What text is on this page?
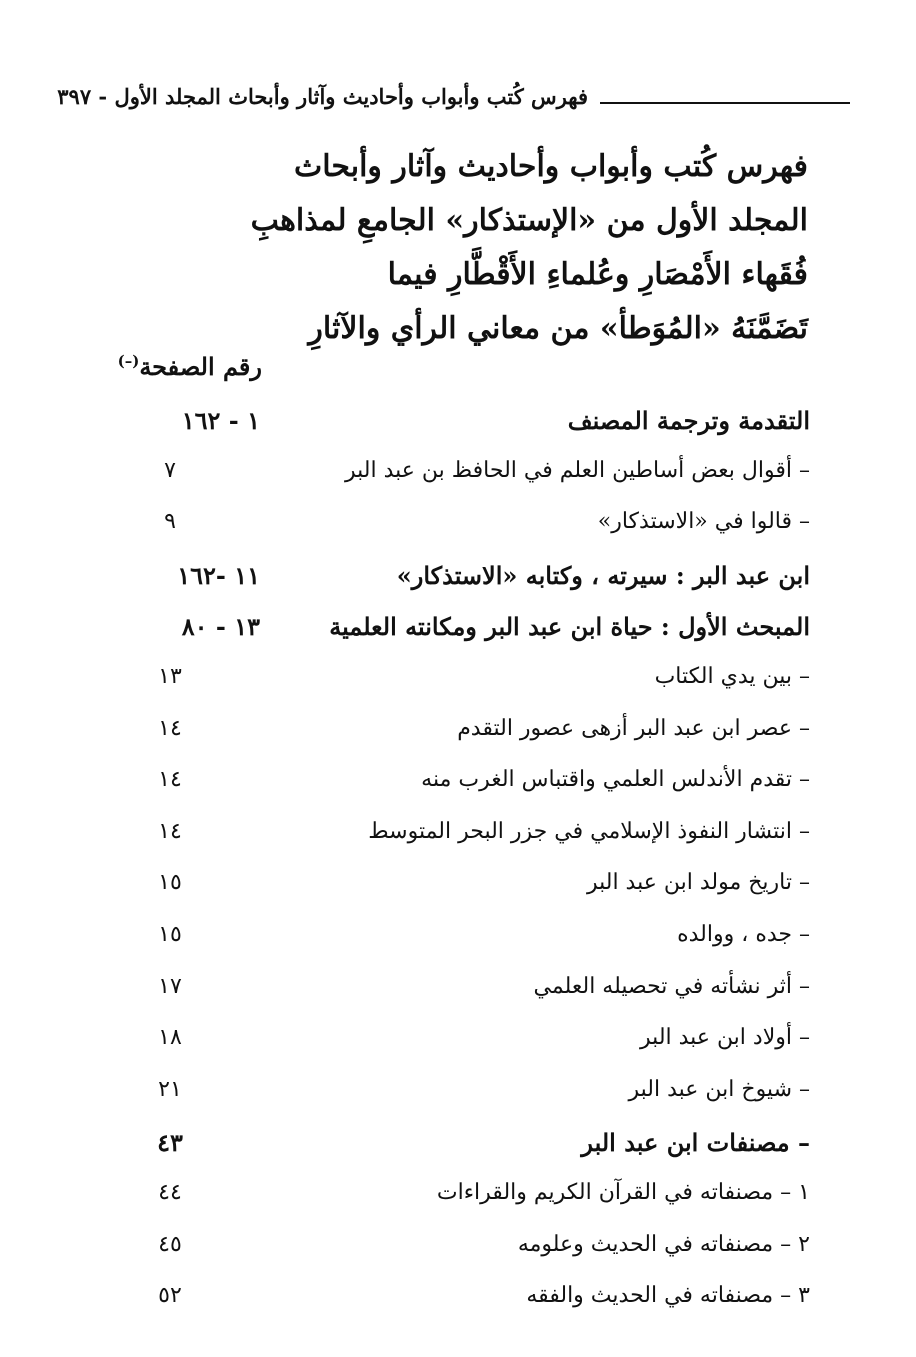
فهرس كُتب وأبواب وأحاديث وآثار وأبحاث المجلد الأول - ٣٩٧
فهرس كُتب وأبواب وأحاديث وآثار وأبحاث
المجلد الأول من «الإستذكار» الجامعِ لمذاهبِ
فُقَهاء الأَمْصَارِ وعُلماءِ الأَقْطَّارِ فيما
تَضَمَّنَهُ «المُوَطأ» من معاني الرأي والآثارِ
رقم الصفحة(–)
التقدمة وترجمة المصنف
١ - ١٦٢
– أقوال بعض أساطين العلم في الحافظ بن عبد البر
٧
– قالوا في «الاستذكار»
٩
ابن عبد البر : سيرته ، وكتابه «الاستذكار»
١١ -١٦٢
المبحث الأول : حياة ابن عبد البر ومكانته العلمية
١٣ - ٨٠
– بين يدي الكتاب
١٣
– عصر ابن عبد البر أزهى عصور التقدم
١٤
– تقدم الأندلس العلمي واقتباس الغرب منه
١٤
– انتشار النفوذ الإسلامي في جزر البحر المتوسط
١٤
– تاريخ مولد ابن عبد البر
١٥
– جده ، ووالده
١٥
– أثر نشأته في تحصيله العلمي
١٧
– أولاد ابن عبد البر
١٨
– شيوخ ابن عبد البر
٢١
– مصنفات ابن عبد البر
٤٣
١ – مصنفاته في القرآن الكريم والقراءات
٤٤
٢ – مصنفاته في الحديث وعلومه
٤٥
٣ – مصنفاته في الحديث والفقه
٥٢
